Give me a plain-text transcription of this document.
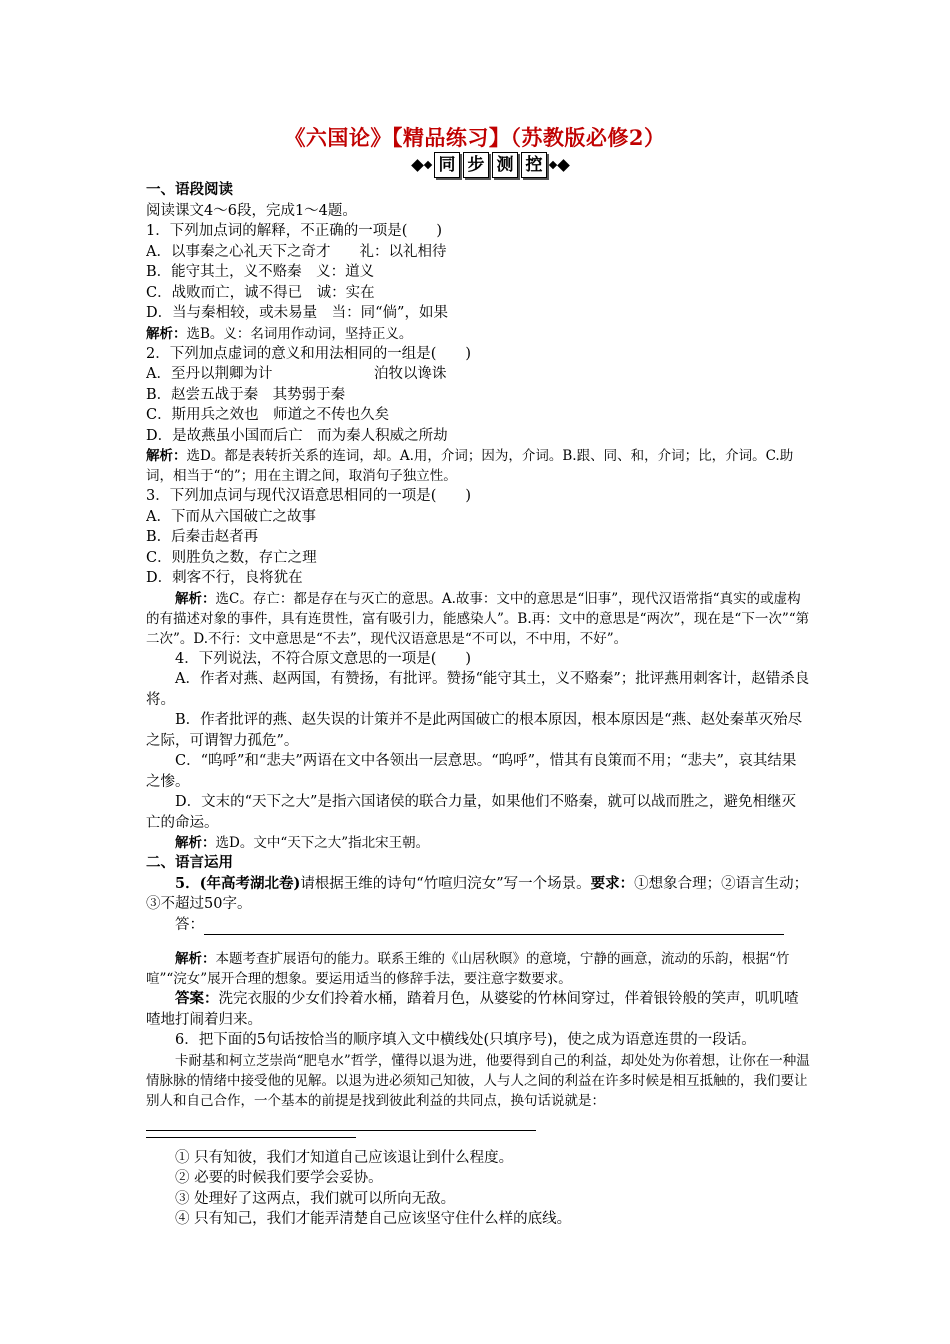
《六国论》【精品练习】（苏教版必修2）
同 步 测 控

一、语段阅读

阅读课文4～6段，完成1～4题。

1．下列加点词的解释，不正确的一项是(　　)

A．以事秦之心礼天下之奇才　　礼：以礼相待

B．能守其土，义不赂秦　义：道义

C．战败而亡，诚不得已　诚：实在

D．当与秦相较，或未易量　当：同“倘”，如果

解析：选B。义：名词用作动词，坚持正义。

2．下列加点虚词的意义和用法相同的一组是(　　)

A．至丹以荆卿为计　　　　　　　泊牧以谗诛

B．赵尝五战于秦　其势弱于秦

C．斯用兵之效也　师道之不传也久矣

D．是故燕虽小国而后亡　而为秦人积威之所劫

解析：选D。都是表转折关系的连词，却。A.用，介词；因为，介词。B.跟、同、和，介词；比，介词。C.助词，相当于“的”；用在主谓之间，取消句子独立性。

3．下列加点词与现代汉语意思相同的一项是(　　)

A．下而从六国破亡之故事

B．后秦击赵者再

C．则胜负之数，存亡之理

D．刺客不行，良将犹在

解析：选C。存亡：都是存在与灭亡的意思。A.故事：文中的意思是“旧事”，现代汉语常指“真实的或虚构的有描述对象的事件，具有连贯性，富有吸引力，能感染人”。B.再：文中的意思是“两次”，现在是“下一次”“第二次”。D.不行：文中意思是“不去”，现代汉语意思是“不可以，不中用，不好”。

4．下列说法，不符合原文意思的一项是(　　)

A．作者对燕、赵两国，有赞扬，有批评。赞扬“能守其土，义不赂秦”；批评燕用刺客计，赵错杀良将。

B．作者批评的燕、赵失误的计策并不是此两国破亡的根本原因，根本原因是“燕、赵处秦革灭殆尽之际，可谓智力孤危”。

C．“呜呼”和“悲夫”两语在文中各领出一层意思。“呜呼”，惜其有良策而不用；“悲夫”，哀其结果之惨。

D．文末的“天下之大”是指六国诸侯的联合力量，如果他们不赂秦，就可以战而胜之，避免相继灭亡的命运。

解析：选D。文中“天下之大”指北宋王朝。

二、语言运用

5．(年高考湖北卷)请根据王维的诗句“竹喧归浣女”写一个场景。要求：①想象合理；②语言生动；③不超过50字。

答：

解析：本题考查扩展语句的能力。联系王维的《山居秋暝》的意境，宁静的画意，流动的乐韵，根据“竹喧”“浣女”展开合理的想象。要运用适当的修辞手法，要注意字数要求。

答案：洗完衣服的少女们拎着水桶，踏着月色，从婆娑的竹林间穿过，伴着银铃般的笑声，叽叽喳喳地打闹着归来。

6．把下面的5句话按恰当的顺序填入文中横线处(只填序号)，使之成为语意连贯的一段话。

卡耐基和柯立芝崇尚“肥皂水”哲学，懂得以退为进，他要得到自己的利益，却处处为你着想，让你在一种温情脉脉的情绪中接受他的见解。以退为进必须知己知彼，人与人之间的利益在许多时候是相互抵触的，我们要让别人和自己合作，一个基本的前提是找到彼此利益的共同点，换句话说就是：

① 只有知彼，我们才知道自己应该退让到什么程度。

② 必要的时候我们要学会妥协。

③ 处理好了这两点，我们就可以所向无敌。

④ 只有知己，我们才能弄清楚自己应该坚守住什么样的底线。
